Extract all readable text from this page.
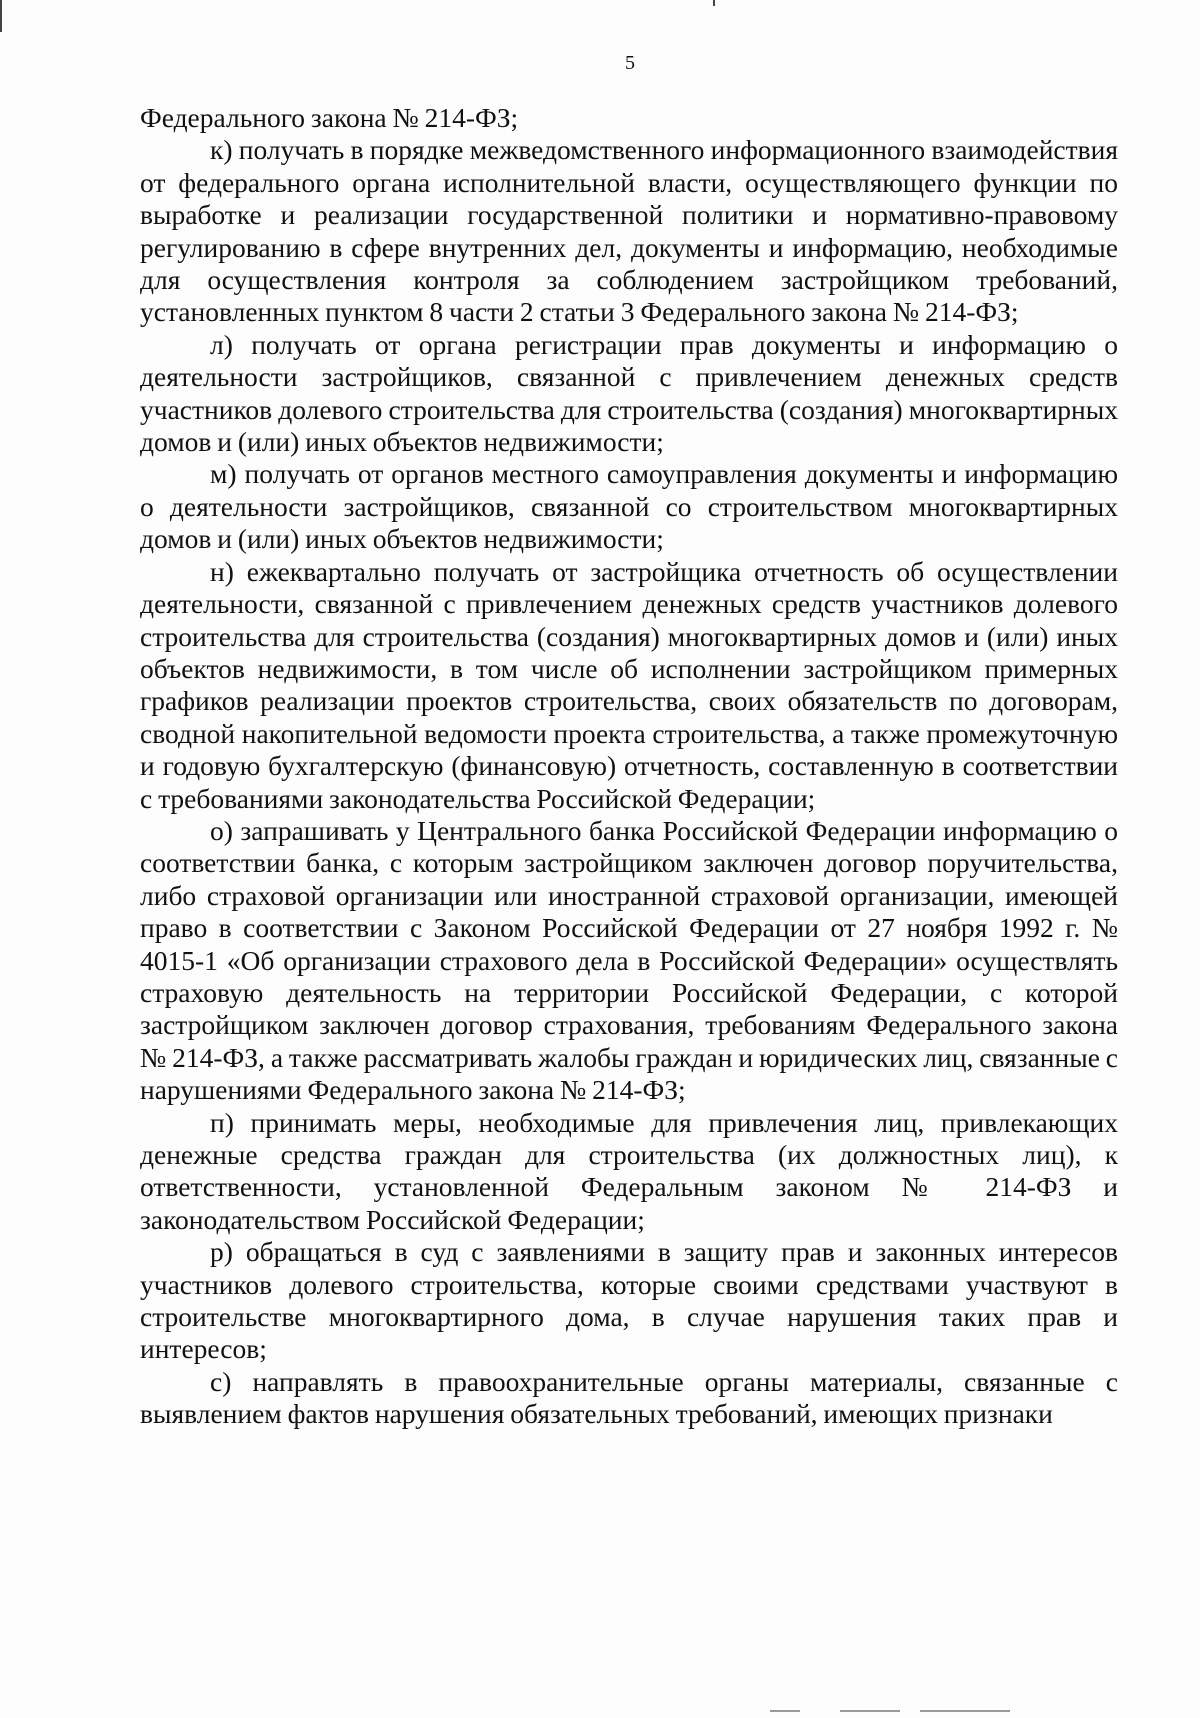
5

Федерального закона № 214-ФЗ;

к) получать в порядке межведомственного информационного взаимодействия от федерального органа исполнительной власти, осуществляющего функции по выработке и реализации государственной политики и нормативно-правовому регулированию в сфере внутренних дел, документы и информацию, необходимые для осуществления контроля за соблюдением застройщиком требований, установленных пунктом 8 части 2 статьи 3 Федерального закона № 214-ФЗ;

л) получать от органа регистрации прав документы и информацию о деятельности застройщиков, связанной с привлечением денежных средств участников долевого строительства для строительства (создания) многоквартирных домов и (или) иных объектов недвижимости;

м) получать от органов местного самоуправления документы и информацию о деятельности застройщиков, связанной со строительством многоквартирных домов и (или) иных объектов недвижимости;

н) ежеквартально получать от застройщика отчетность об осуществлении деятельности, связанной с привлечением денежных средств участников долевого строительства для строительства (создания) многоквартирных домов и (или) иных объектов недвижимости, в том числе об исполнении застройщиком примерных графиков реализации проектов строительства, своих обязательств по договорам, сводной накопительной ведомости проекта строительства, а также промежуточную и годовую бухгалтерскую (финансовую) отчетность, составленную в соответствии с требованиями законодательства Российской Федерации;

о) запрашивать у Центрального банка Российской Федерации информацию о соответствии банка, с которым застройщиком заключен договор поручительства, либо страховой организации или иностранной страховой организации, имеющей право в соответствии с Законом Российской Федерации от 27 ноября 1992 г. № 4015-1 «Об организации страхового дела в Российской Федерации» осуществлять страховую деятельность на территории Российской Федерации, с которой застройщиком заключен договор страхования, требованиям Федерального закона № 214-ФЗ, а также рассматривать жалобы граждан и юридических лиц, связанные с нарушениями Федерального закона № 214-ФЗ;

п) принимать меры, необходимые для привлечения лиц, привлекающих денежные средства граждан для строительства (их должностных лиц), к ответственности, установленной Федеральным законом № 214-ФЗ и законодательством Российской Федерации;

р) обращаться в суд с заявлениями в защиту прав и законных интересов участников долевого строительства, которые своими средствами участвуют в строительстве многоквартирного дома, в случае нарушения таких прав и интересов;

с) направлять в правоохранительные органы материалы, связанные с выявлением фактов нарушения обязательных требований, имеющих признаки
